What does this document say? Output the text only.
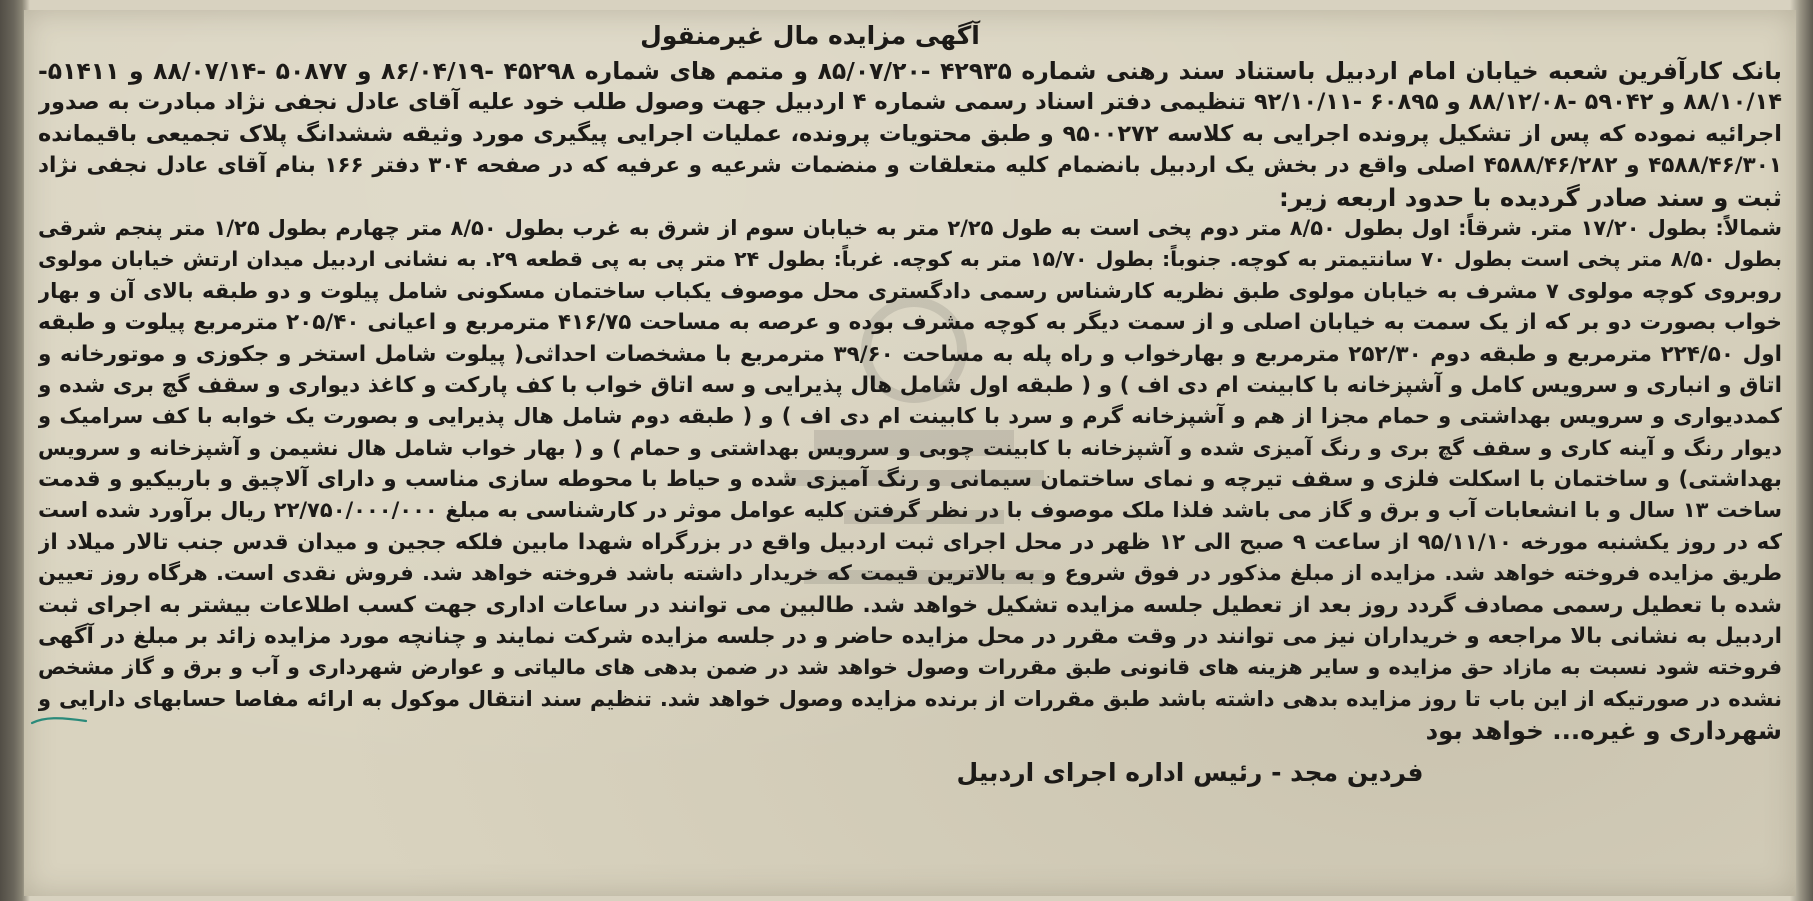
آگهی مزایده مال غیرمنقول
بانک کارآفرین شعبه خیابان امام اردبیل باستناد سند رهنی شماره ۴۲۹۳۵ -۸۵/۰۷/۲۰ و متمم های شماره ۴۵۲۹۸ -۸۶/۰۴/۱۹ و ۵۰۸۷۷ -۸۸/۰۷/۱۴ و ۵۱۴۱۱-
۸۸/۱۰/۱۴ و ۵۹۰۴۲ -۸۸/۱۲/۰۸ و ۶۰۸۹۵ -۹۲/۱۰/۱۱ تنظیمی دفتر اسناد رسمی شماره ۴ اردبیل جهت وصول طلب خود علیه آقای عادل نجفی نژاد مبادرت به صدور
اجرائیه نموده که پس از تشکیل پرونده اجرایی به کلاسه ۹۵۰۰۲۷۲ و طبق محتویات پرونده، عملیات اجرایی پیگیری مورد وثیقه ششدانگ پلاک تجمیعی باقیمانده
۴۵۸۸/۴۶/۳۰۱ و ۴۵۸۸/۴۶/۲۸۲ اصلی واقع در بخش یک اردبیل بانضمام کلیه متعلقات و منضمات شرعیه و عرفیه که در صفحه ۳۰۴ دفتر ۱۶۶ بنام آقای عادل نجفی نژاد
ثبت و سند صادر گردیده با حدود اربعه زیر:
شمالاً: بطول ۱۷/۲۰ متر. شرقاً: اول بطول ۸/۵۰ متر دوم پخی است به طول ۲/۲۵ متر به خیابان سوم از شرق به غرب بطول ۸/۵۰ متر چهارم بطول ۱/۲۵ متر پنجم شرقی
بطول ۸/۵۰ متر پخی است بطول ۷۰ سانتیمتر به کوچه. جنوباً: بطول ۱۵/۷۰ متر به کوچه. غرباً: بطول ۲۴ متر پی به پی قطعه ۲۹. به نشانی اردبیل میدان ارتش خیابان مولوی
روبروی کوچه مولوی ۷ مشرف به خیابان مولوی طبق نظریه کارشناس رسمی دادگستری محل موصوف یکباب ساختمان مسکونی شامل پیلوت و دو طبقه بالای آن و بهار
خواب بصورت دو بر که از یک سمت به خیابان اصلی و از سمت دیگر به کوچه مشرف بوده و عرصه به مساحت ۴۱۶/۷۵ مترمربع و اعیانی ۲۰۵/۴۰ مترمربع پیلوت و طبقه
اول ۲۲۴/۵۰ مترمربع و طبقه دوم ۲۵۲/۳۰ مترمربع و بهارخواب و راه پله به مساحت ۳۹/۶۰ مترمربع با مشخصات احداثی( پیلوت شامل استخر و جکوزی و موتورخانه و
اتاق و انباری و سرویس کامل و آشپزخانه با کابینت ام دی اف ) و ( طبقه اول شامل هال پذیرایی و سه اتاق خواب با کف پارکت و کاغذ دیواری و سقف گچ بری شده و
کمددیواری و سرویس بهداشتی و حمام مجزا از هم و آشپزخانه گرم و سرد با کابینت ام دی اف ) و ( طبقه دوم شامل هال پذیرایی و بصورت یک خوابه با کف سرامیک و
دیوار رنگ و آینه کاری و سقف گچ بری و رنگ آمیزی شده و آشپزخانه با کابینت چوبی و سرویس بهداشتی و حمام ) و ( بهار خواب شامل هال نشیمن و آشپزخانه و سرویس
بهداشتی) و ساختمان با اسکلت فلزی و سقف تیرچه و نمای ساختمان سیمانی و رنگ آمیزی شده و حیاط با محوطه سازی مناسب و دارای آلاچیق و باربیکیو و قدمت
ساخت ۱۳ سال و با انشعابات آب و برق و گاز می باشد فلذا ملک موصوف با در نظر گرفتن کلیه عوامل موثر در کارشناسی به مبلغ ۲۲/۷۵۰/۰۰۰/۰۰۰ ریال برآورد شده است
که در روز یکشنبه مورخه ۹۵/۱۱/۱۰ از ساعت ۹ صبح الی ۱۲ ظهر در محل اجرای ثبت اردبیل واقع در بزرگراه شهدا مابین فلکه ججین و میدان قدس جنب تالار میلاد از
طریق مزایده فروخته خواهد شد. مزایده از مبلغ مذکور در فوق شروع و به بالاترین قیمت که خریدار داشته باشد فروخته خواهد شد. فروش نقدی است. هرگاه روز تعیین
شده با تعطیل رسمی مصادف گردد روز بعد از تعطیل جلسه مزایده تشکیل خواهد شد. طالبین می توانند در ساعات اداری جهت کسب اطلاعات بیشتر به اجرای ثبت
اردبیل به نشانی بالا مراجعه و خریداران نیز می توانند در وقت مقرر در محل مزایده حاضر و در جلسه مزایده شرکت نمایند و چنانچه مورد مزایده زائد بر مبلغ در آگهی
فروخته شود نسبت به مازاد حق مزایده و سایر هزینه های قانونی طبق مقررات وصول خواهد شد در ضمن بدهی های مالیاتی و عوارض شهرداری و آب و برق و گاز مشخص
نشده در صورتیکه از این باب تا روز مزایده بدهی داشته باشد طبق مقررات از برنده مزایده وصول خواهد شد. تنظیم سند انتقال موکول به ارائه مفاصا حسابهای دارایی و
شهرداری و غیره... خواهد بود
فردین مجد - رئیس اداره اجرای اردبیل
